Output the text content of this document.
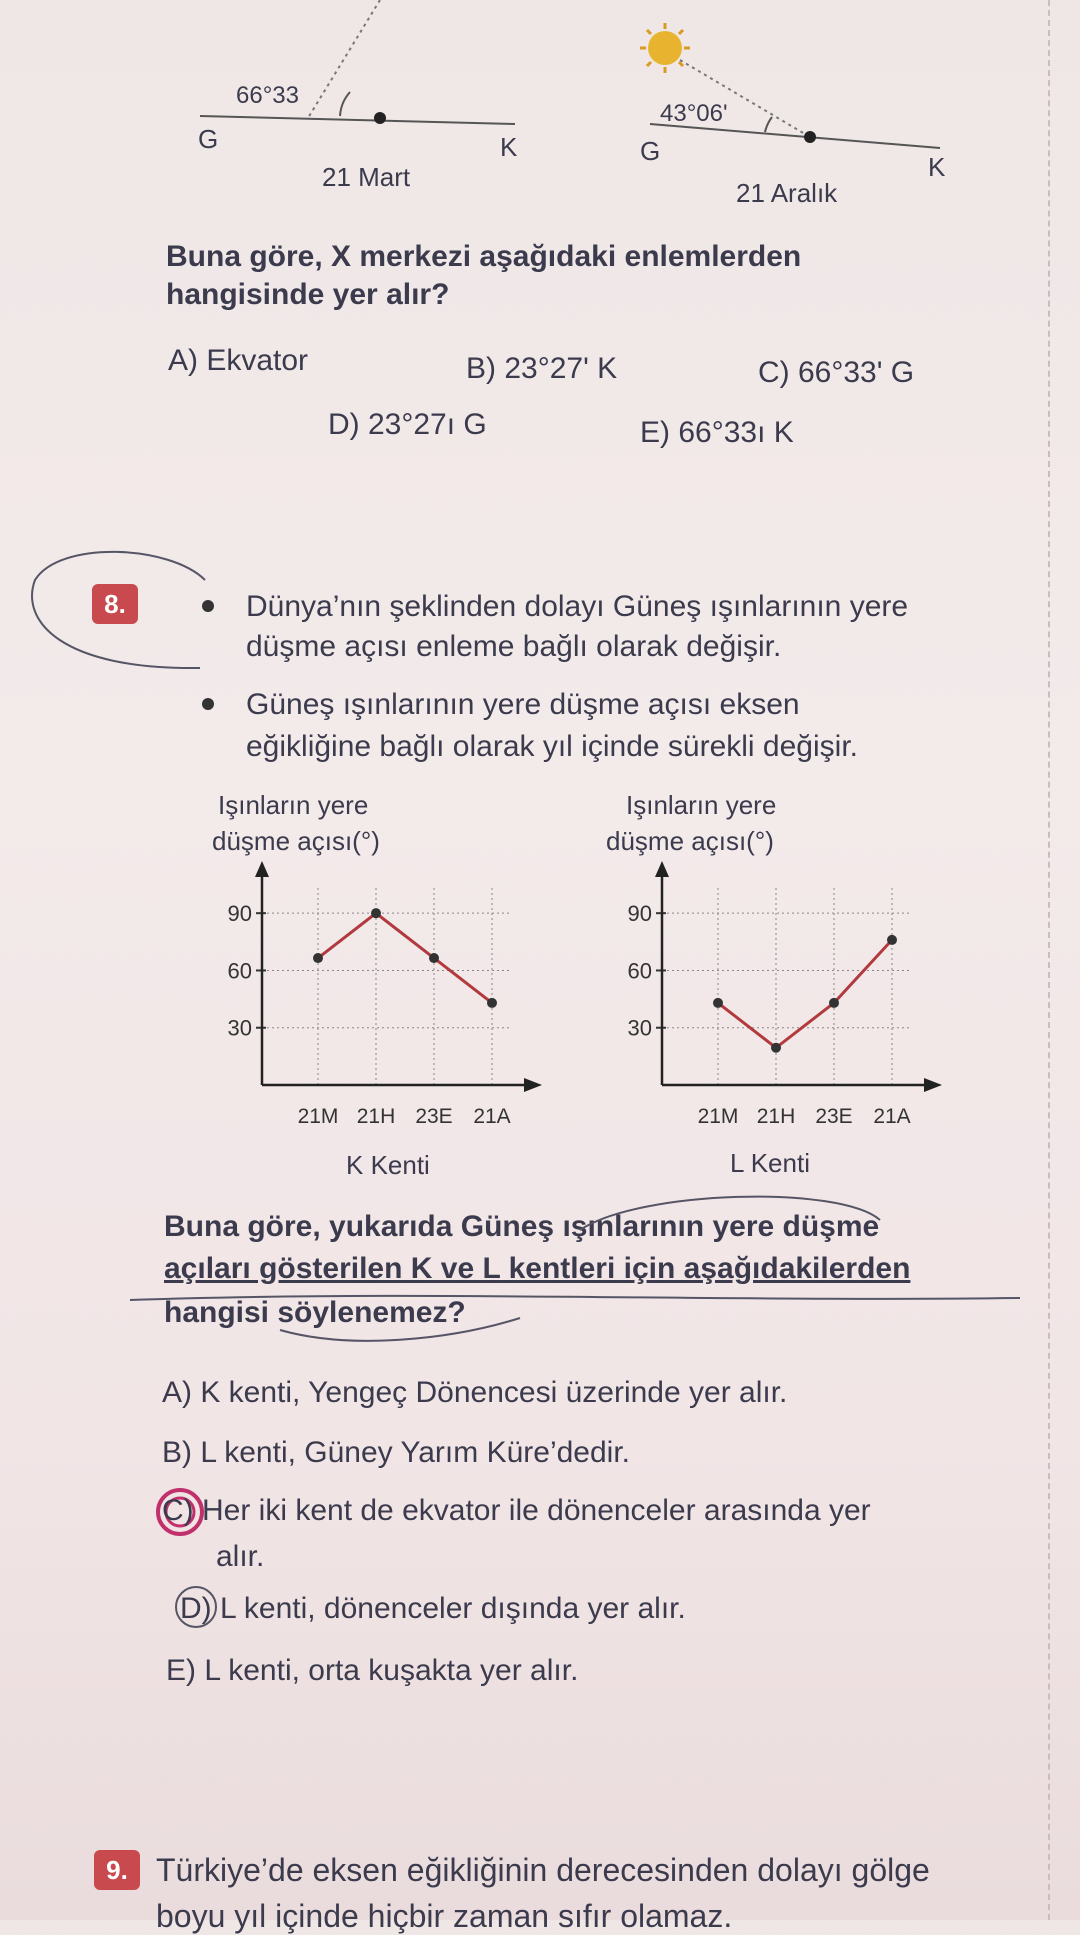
66°33
G	K
21 Mart
43°06'
G
K
21 Aralık
Buna göre, X merkezi aşağıdaki enlemlerden
hangisinde yer alır?
A) Ekvator	B) 23°27' K	C) 66°33' G
D) 23°27ı G	E) 66°33ı K
8.	Dünya’nın şeklinden dolayı Güneş ışınlarının yere
düşme açısı enleme bağlı olarak değişir.
Güneş ışınlarının yere düşme açısı eksen
eğikliğine bağlı olarak yıl içinde sürekli değişir.
Işınların yere
düşme açısı(°)
30
60
90
21M 21H 23E 21A
K Kenti
Işınların yere
düşme açısı(°)
30
60
90
21M 21H 23E 21A
L Kenti
Buna göre, yukarıda Güneş ışınlarının yere düşme
açıları gösterilen K ve L kentleri için aşağıdakilerden
hangisi söylenemez?
A) K kenti, Yengeç Dönencesi üzerinde yer alır.
B) L kenti, Güney Yarım Küre’dedir.
C) Her iki kent de ekvator ile dönenceler arasında yer
alır.
D) L kenti, dönenceler dışında yer alır.
E) L kenti, orta kuşakta yer alır.
9. Türkiye’de eksen eğikliğinin derecesinden dolayı gölge
boyu yıl içinde hiçbir zaman sıfır olamaz.
